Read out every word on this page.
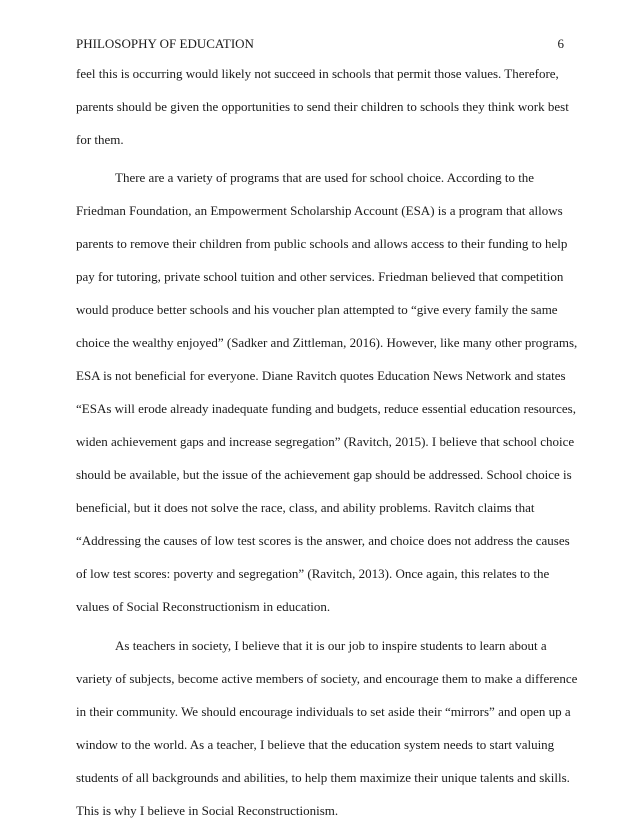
PHILOSOPHY OF EDUCATION	6
feel this is occurring would likely not succeed in schools that permit those values. Therefore,
parents should be given the opportunities to send their children to schools they think work best
for them.
There are a variety of programs that are used for school choice. According to the
Friedman Foundation, an Empowerment Scholarship Account (ESA) is a program that allows
parents to remove their children from public schools and allows access to their funding to help
pay for tutoring, private school tuition and other services. Friedman believed that competition
would produce better schools and his voucher plan attempted to “give every family the same
choice the wealthy enjoyed” (Sadker and Zittleman, 2016). However, like many other programs,
ESA is not beneficial for everyone. Diane Ravitch quotes Education News Network and states
“ESAs will erode already inadequate funding and budgets, reduce essential education resources,
widen achievement gaps and increase segregation” (Ravitch, 2015). I believe that school choice
should be available, but the issue of the achievement gap should be addressed. School choice is
beneficial, but it does not solve the race, class, and ability problems. Ravitch claims that
“Addressing the causes of low test scores is the answer, and choice does not address the causes
of low test scores: poverty and segregation” (Ravitch, 2013). Once again, this relates to the
values of Social Reconstructionism in education.
As teachers in society, I believe that it is our job to inspire students to learn about a
variety of subjects, become active members of society, and encourage them to make a difference
in their community. We should encourage individuals to set aside their “mirrors” and open up a
window to the world. As a teacher, I believe that the education system needs to start valuing
students of all backgrounds and abilities, to help them maximize their unique talents and skills.
This is why I believe in Social Reconstructionism.
